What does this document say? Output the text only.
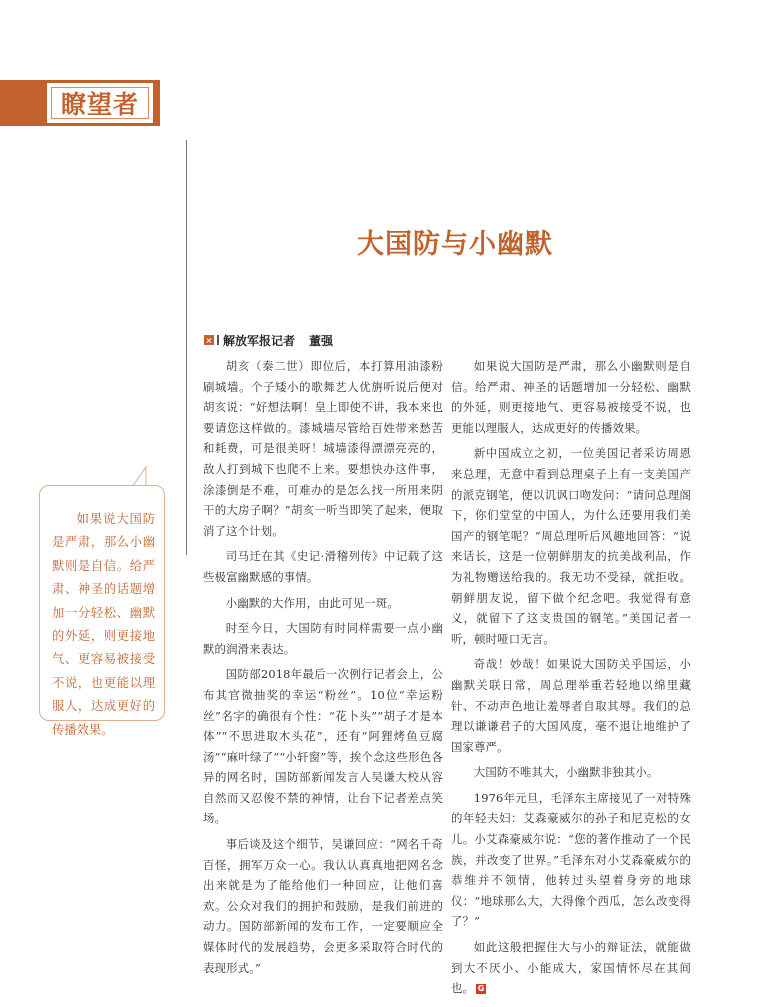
瞭望者
大国防与小幽默
× 解放军报记者 董强

胡亥（秦二世）即位后，本打算用油漆粉刷城墙。个子矮小的歌舞艺人优旃听说后便对胡亥说：“好想法啊！皇上即使不讲，我本来也要请您这样做的。漆城墙尽管给百姓带来愁苦和耗费，可是很美呀！城墙漆得漂漂亮亮的，敌人打到城下也爬不上来。要想快办这件事，涂漆倒是不难，可难办的是怎么找一所用来阴干的大房子啊？”胡亥一听当即笑了起来，便取消了这个计划。

司马迁在其《史记·滑稽列传》中记载了这些极富幽默感的事情。

小幽默的大作用，由此可见一斑。

时至今日，大国防有时同样需要一点小幽默的润滑来表达。

国防部2018年最后一次例行记者会上，公布其官微抽奖的幸运“粉丝”。10位“幸运粉丝”名字的确很有个性：“花卜头”“胡子才是本体”“不思进取木头花”，还有“阿狸烤鱼豆腐汤”“麻叶绿了”“小轩窗”等，挨个念这些形色各异的网名时，国防部新闻发言人吴谦大校从容自然而又忍俊不禁的神情，让台下记者差点笑场。

事后谈及这个细节，吴谦回应：“网名千奇百怪，拥军万众一心。我认认真真地把网名念出来就是为了能给他们一种回应，让他们喜欢。公众对我们的拥护和鼓励，是我们前进的动力。国防部新闻的发布工作，一定要顺应全媒体时代的发展趋势，会更多采取符合时代的表现形式。”

如果说大国防是严肃，那么小幽默则是自信。给严肃、神圣的话题增加一分轻松、幽默的外延，则更接地气、更容易被接受不说，也更能以理服人，达成更好的传播效果。

新中国成立之初，一位美国记者采访周恩来总理，无意中看到总理桌子上有一支美国产的派克钢笔，便以讥讽口吻发问：“请问总理阁下，你们堂堂的中国人，为什么还要用我们美国产的钢笔呢？”周总理听后风趣地回答：“说来话长，这是一位朝鲜朋友的抗美战利品，作为礼物赠送给我的。我无功不受禄，就拒收。朝鲜朋友说，留下做个纪念吧。我觉得有意义，就留下了这支贵国的钢笔。”美国记者一听，顿时哑口无言。

奇哉！妙哉！如果说大国防关乎国运，小幽默关联日常，周总理举重若轻地以绵里藏针、不动声色地让羞辱者自取其辱。我们的总理以谦谦君子的大国风度，毫不退让地维护了国家尊严。

大国防不唯其大，小幽默非独其小。

1976年元旦，毛泽东主席接见了一对特殊的年轻夫妇：艾森豪威尔的孙子和尼克松的女儿。小艾森豪威尔说：“您的著作推动了一个民族，并改变了世界。”毛泽东对小艾森豪威尔的恭维并不领情，他转过头望着身旁的地球仪：“地球那么大，大得像个西瓜，怎么改变得了？”

如此这般把握住大与小的辩证法，就能做到大不厌小、小能成大，家国情怀尽在其间也。 G

如果说大国防是严肃，那么小幽默则是自信。给严肃、神圣的话题增加一分轻松、幽默的外延，则更接地气、更容易被接受不说，也更能以理服人，达成更好的传播效果。
